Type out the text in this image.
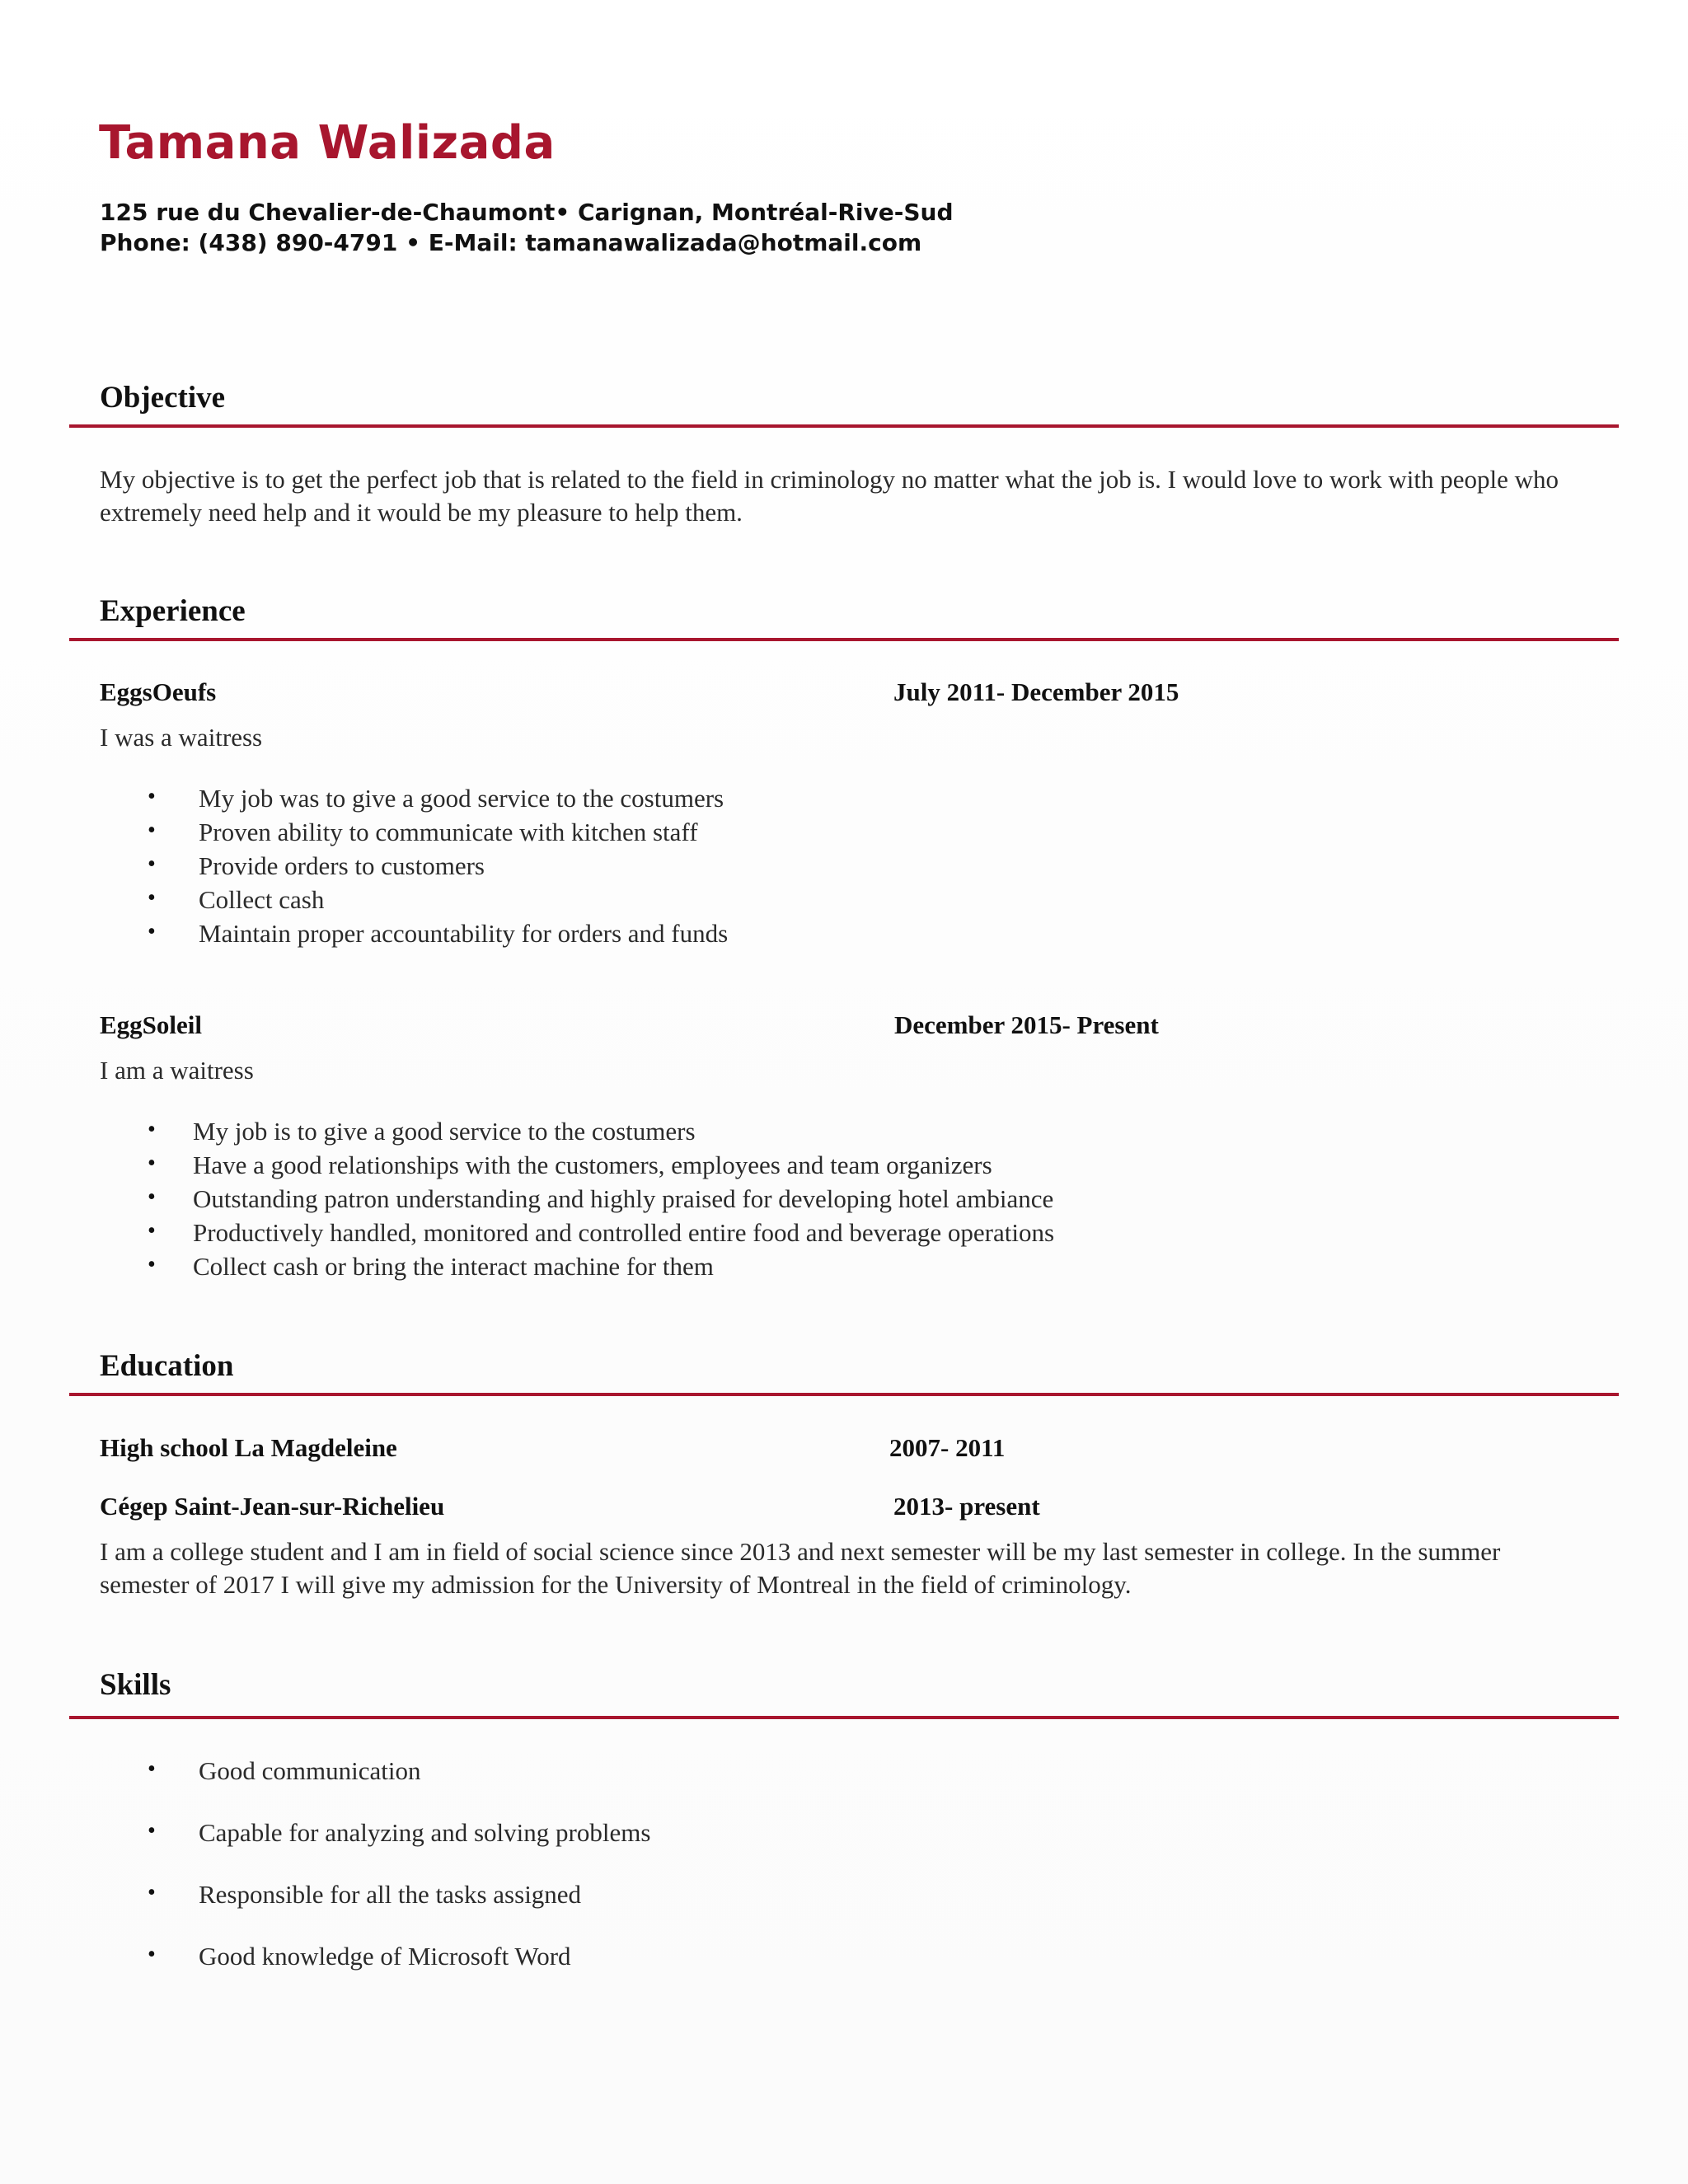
Tamana Walizada
125 rue du Chevalier-de-Chaumont• Carignan, Montréal-Rive-Sud
Phone: (438) 890-4791 • E-Mail: tamanawalizada@hotmail.com
Objective

My objective is to get the perfect job that is related to the field in criminology no matter what the job is. I would love to work with people who extremely need help and it would be my pleasure to help them.

Experience
EggsOeufs	July 2011- December 2015
I was a waitress
• My job was to give a good service to the costumers
• Proven ability to communicate with kitchen staff
• Provide orders to customers
• Collect cash
• Maintain proper accountability for orders and funds
EggSoleil	December 2015- Present
I am a waitress
• My job is to give a good service to the costumers
• Have a good relationships with the customers, employees and team organizers
• Outstanding patron understanding and highly praised for developing hotel ambiance
• Productively handled, monitored and controlled entire food and beverage operations
• Collect cash or bring the interact machine for them
Education
High school La Magdeleine	2007- 2011
Cégep Saint-Jean-sur-Richelieu	2013- present

I am a college student and I am in field of social science since 2013 and next semester will be my last semester in college. In the summer semester of 2017 I will give my admission for the University of Montreal in the field of criminology.

Skills
• Good communication
• Capable for analyzing and solving problems
• Responsible for all the tasks assigned
• Good knowledge of Microsoft Word
